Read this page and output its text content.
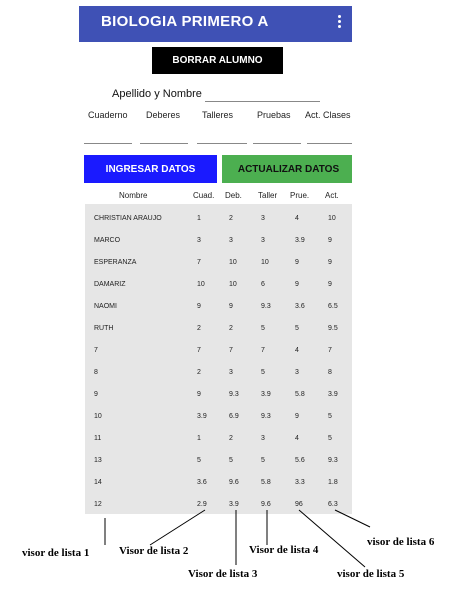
BIOLOGIA PRIMERO A
BORRAR ALUMNO
Apellido y Nombre
Cuaderno Deberes Talleres	Pruebas Act. Clases
INGRESAR DATOS	ACTUALIZAR DATOS
Nombre	Cuad. Deb. Taller Prue. Act.
CHRISTIAN ARAUJO	1	2	3	4	10
MARCO	3	3	3	3.9	9
ESPERANZA	7	10	10	9	9
DAMARIZ	10	10	6	9	9
NAOMI	9	9	9.3	3.6	6.5
RUTH	2	2	5	5	9.5
7	7	7	7	4	7
8	2	3	5	3	8
9	9	9.3	3.9	5.8	3.9
10	3.9	6.9	9.3	9	5
11	1	2	3	4	5
13	5	5	5	5.6	9.3
14	3.6	9.6	5.8	3.3	1.8
12	2.9	3.9	9.6	96	6.3
visor de lista 1	Visor de lista 2
Visor de lista 3
Visor de lista 4
visor de lista 5
visor de lista 6
